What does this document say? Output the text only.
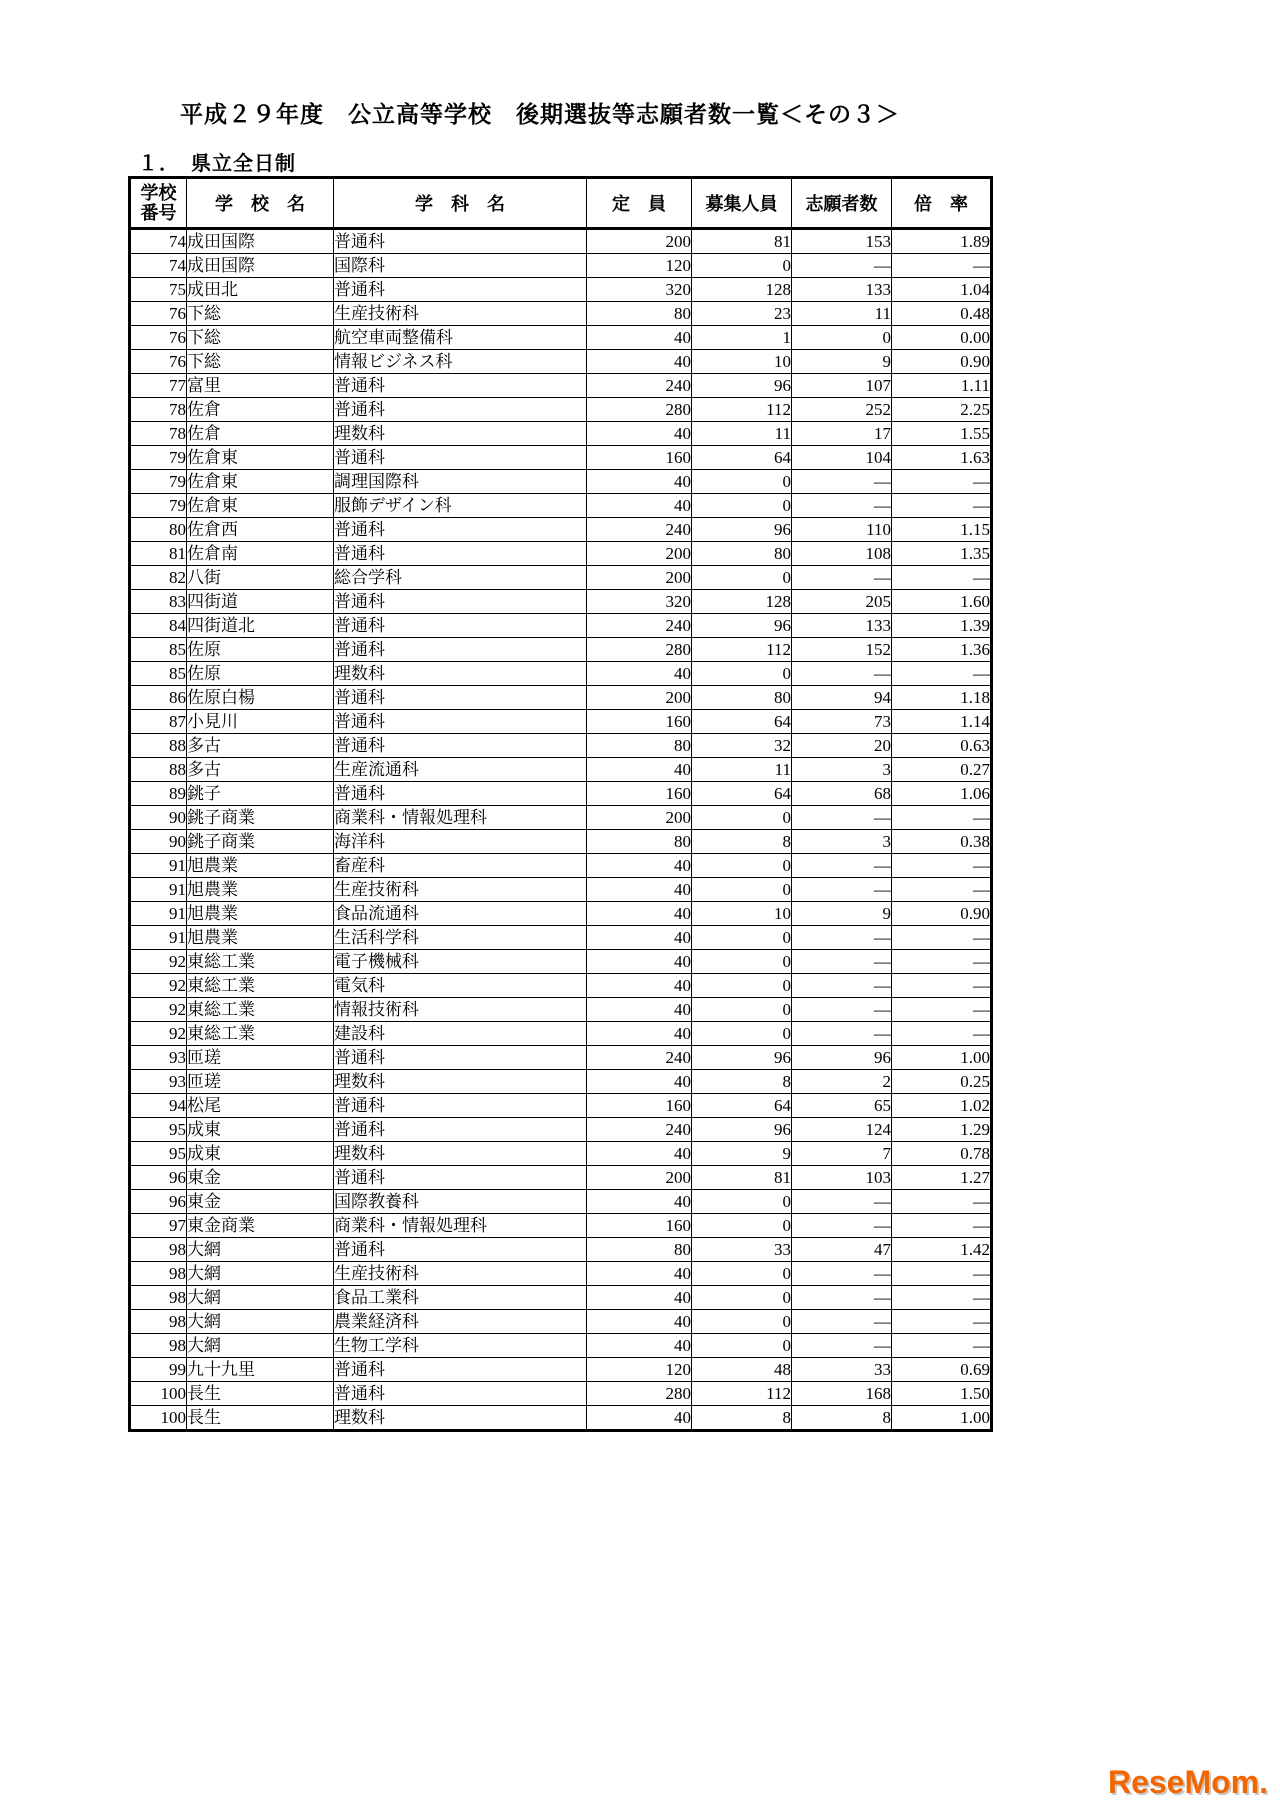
平成２９年度　公立高等学校　後期選抜等志願者数一覧＜その３＞
１．　県立全日制
学校
番号	学　校　名	学　科　名	定　員	募集人員	志願者数	倍　率
74	成田国際	普通科	200	81	153	1.89
74	成田国際	国際科	120	0	―	―
75	成田北	普通科	320	128	133	1.04
76	下総	生産技術科	80	23	11	0.48
76	下総	航空車両整備科	40	1	0	0.00
76	下総	情報ビジネス科	40	10	9	0.90
77	富里	普通科	240	96	107	1.11
78	佐倉	普通科	280	112	252	2.25
78	佐倉	理数科	40	11	17	1.55
79	佐倉東	普通科	160	64	104	1.63
79	佐倉東	調理国際科	40	0	―	―
79	佐倉東	服飾デザイン科	40	0	―	―
80	佐倉西	普通科	240	96	110	1.15
81	佐倉南	普通科	200	80	108	1.35
82	八街	総合学科	200	0	―	―
83	四街道	普通科	320	128	205	1.60
84	四街道北	普通科	240	96	133	1.39
85	佐原	普通科	280	112	152	1.36
85	佐原	理数科	40	0	―	―
86	佐原白楊	普通科	200	80	94	1.18
87	小見川	普通科	160	64	73	1.14
88	多古	普通科	80	32	20	0.63
88	多古	生産流通科	40	11	3	0.27
89	銚子	普通科	160	64	68	1.06
90	銚子商業	商業科・情報処理科	200	0	―	―
90	銚子商業	海洋科	80	8	3	0.38
91	旭農業	畜産科	40	0	―	―
91	旭農業	生産技術科	40	0	―	―
91	旭農業	食品流通科	40	10	9	0.90
91	旭農業	生活科学科	40	0	―	―
92	東総工業	電子機械科	40	0	―	―
92	東総工業	電気科	40	0	―	―
92	東総工業	情報技術科	40	0	―	―
92	東総工業	建設科	40	0	―	―
93	匝瑳	普通科	240	96	96	1.00
93	匝瑳	理数科	40	8	2	0.25
94	松尾	普通科	160	64	65	1.02
95	成東	普通科	240	96	124	1.29
95	成東	理数科	40	9	7	0.78
96	東金	普通科	200	81	103	1.27
96	東金	国際教養科	40	0	―	―
97	東金商業	商業科・情報処理科	160	0	―	―
98	大網	普通科	80	33	47	1.42
98	大網	生産技術科	40	0	―	―
98	大網	食品工業科	40	0	―	―
98	大網	農業経済科	40	0	―	―
98	大網	生物工学科	40	0	―	―
99	九十九里	普通科	120	48	33	0.69
100	長生	普通科	280	112	168	1.50
100	長生	理数科	40	8	8	1.00
ReseMom.
